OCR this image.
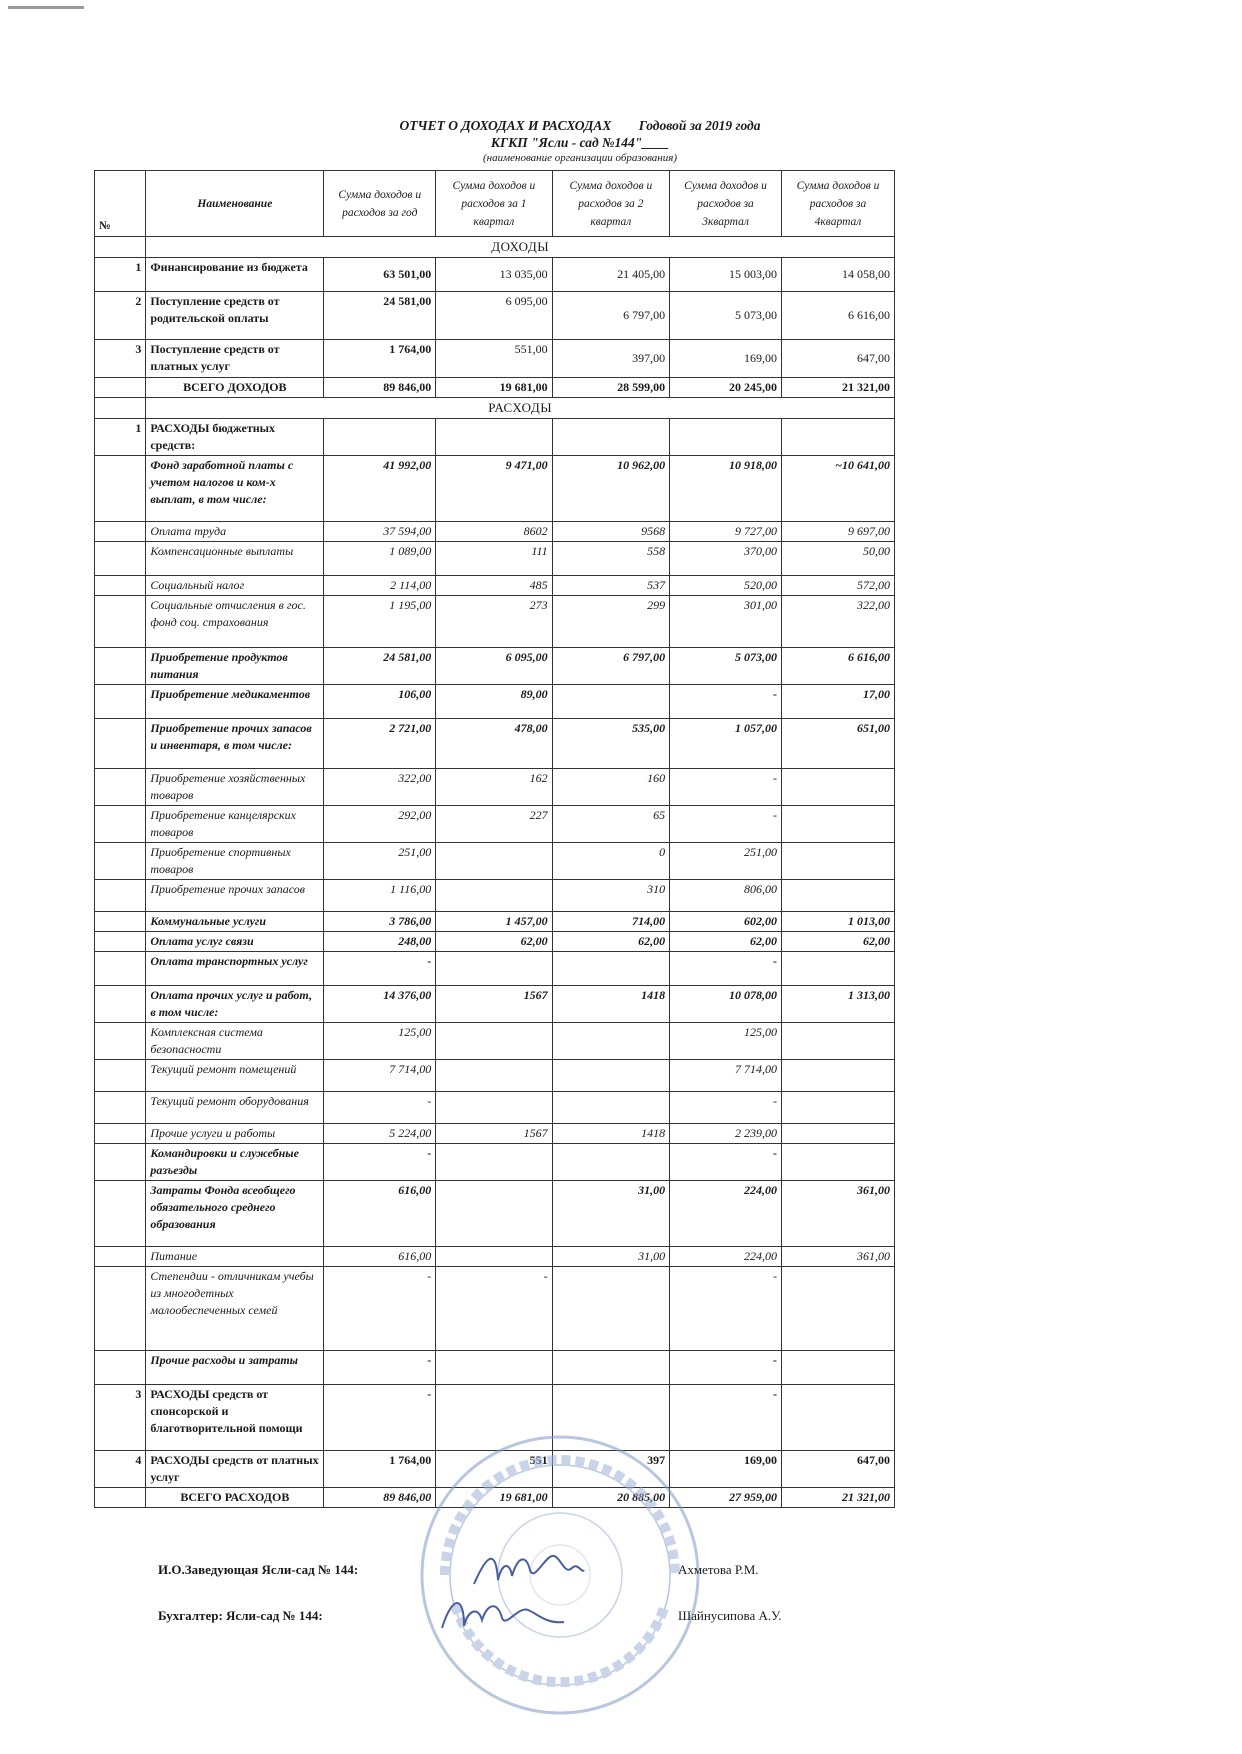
ОТЧЕТ О ДОХОДАХ И РАСХОДАХ Годовой за 2019 года
КГКП "Ясли - сад №144"____
(наименование организации образования)
№	Наименование	Сумма доходов и расходов за год	Сумма доходов и расходов за 1 квартал	Сумма доходов и расходов за 2 квартал	Сумма доходов и расходов за 3квартал	Сумма доходов и расходов за 4квартал
	ДОХОДЫ					
1	Финансирование из бюджета	63 501,00	13 035,00	21 405,00	15 003,00	14 058,00
2	Поступление средств от родительской оплаты	24 581,00	6 095,00	6 797,00	5 073,00	6 616,00
3	Поступление средств от платных услуг	1 764,00	551,00	397,00	169,00	647,00
	ВСЕГО ДОХОДОВ	89 846,00	19 681,00	28 599,00	20 245,00	21 321,00
	РАСХОДЫ					
1	РАСХОДЫ бюджетных средств:					
	Фонд заработной платы с учетом налогов и ком-х выплат, в том числе:	41 992,00	9 471,00	10 962,00	10 918,00	~10 641,00
	Оплата труда	37 594,00	8602	9568	9 727,00	9 697,00
	Компенсационные выплаты	1 089,00	111	558	370,00	50,00
	Социальный налог	2 114,00	485	537	520,00	572,00
	Социальные отчисления в гос. фонд соц. страхования	1 195,00	273	299	301,00	322,00
	Приобретение продуктов питания	24 581,00	6 095,00	6 797,00	5 073,00	6 616,00
	Приобретение медикаментов	106,00	89,00		-	17,00
	Приобретение прочих запасов и инвентаря, в том числе:	2 721,00	478,00	535,00	1 057,00	651,00
	Приобретение хозяйственных товаров	322,00	162	160	-	
	Приобретение канцелярских товаров	292,00	227	65	-	
	Приобретение спортивных товаров	251,00		0	251,00	
	Приобретение прочих запасов	1 116,00		310	806,00	
	Коммунальные услуги	3 786,00	1 457,00	714,00	602,00	1 013,00
	Оплата услуг связи	248,00	62,00	62,00	62,00	62,00
	Оплата транспортных услуг	-			-	
	Оплата прочих услуг и работ, в том числе:	14 376,00	1567	1418	10 078,00	1 313,00
	Комплексная система безопасности	125,00			125,00	
	Текущий ремонт помещений	7 714,00			7 714,00	
	Текущий ремонт оборудования	-			-	
	Прочие услуги и работы	5 224,00	1567	1418	2 239,00	
	Командировки и служебные разъезды	-			-	
	Затраты Фонда всеобщего обязательного среднего образования	616,00		31,00	224,00	361,00
	Питание	616,00		31,00	224,00	361,00
	Степендии - отличникам учебы из многодетных малообеспеченных семей	-	-		-	
	Прочие расходы и затраты	-			-	
3	РАСХОДЫ средств от спонсорской и благотворительной помощи	-			-	
4	РАСХОДЫ средств от платных услуг	1 764,00	551	397	169,00	647,00
	ВСЕГО РАСХОДОВ	89 846,00	19 681,00	20 885,00	27 959,00	21 321,00
И.О.Заведующая Ясли-сад № 144:	Ахметова Р.М.
Бухгалтер: Ясли-сад № 144:	Шайнусипова А.У.
